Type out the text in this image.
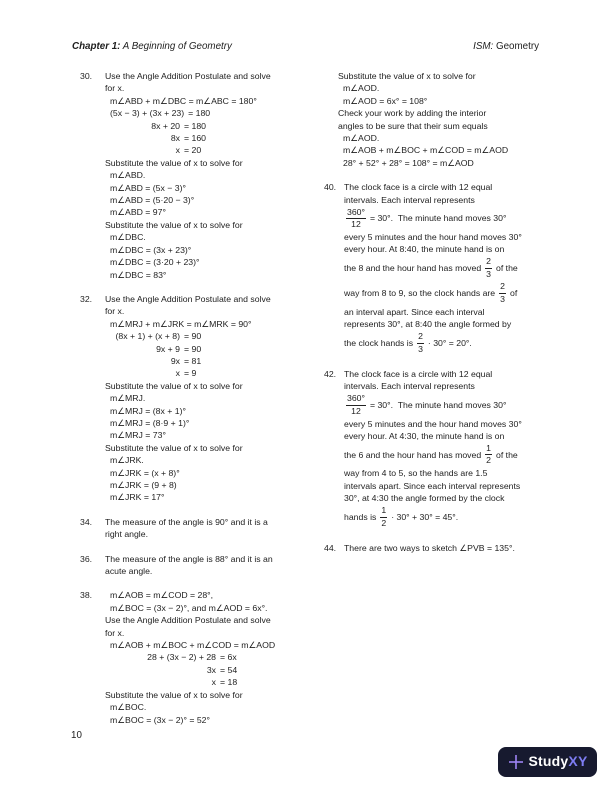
Chapter 1: A Beginning of Geometry	ISM: Geometry
30.	Use the Angle Addition Postulate and solve
for x.
m∠ABD + m∠DBC = m∠ABC = 180°
(5x − 3) + (3x + 23) = 180
8x + 20 = 180
8x = 160
x = 20
Substitute the value of x to solve for
m∠ABD.
m∠ABD = (5x − 3)°
m∠ABD = (5·20 − 3)°
m∠ABD = 97°
Substitute the value of x to solve for
m∠DBC.
m∠DBC = (3x + 23)°
m∠DBC = (3·20 + 23)°
m∠DBC = 83°
32.	Use the Angle Addition Postulate and solve
for x.
m∠MRJ + m∠JRK = m∠MRK = 90°
(8x + 1) + (x + 8) = 90
9x + 9 = 90
9x = 81
x = 9
Substitute the value of x to solve for
m∠MRJ.
m∠MRJ = (8x + 1)°
m∠MRJ = (8·9 + 1)°
m∠MRJ = 73°
Substitute the value of x to solve for
m∠JRK.
m∠JRK = (x + 8)°
m∠JRK = (9 + 8)
m∠JRK = 17°
34.	The measure of the angle is 90° and it is a
right angle.
36.	The measure of the angle is 88° and it is an
acute angle.
38.	m∠AOB = m∠COD = 28°,
m∠BOC = (3x − 2)°, and m∠AOD = 6x°.
Use the Angle Addition Postulate and solve
for x.
m∠AOB + m∠BOC + m∠COD = m∠AOD
28 + (3x − 2) + 28 = 6x
3x = 54
x = 18
Substitute the value of x to solve for
m∠BOC.
m∠BOC = (3x − 2)° = 52°
Substitute the value of x to solve for
m∠AOD.
m∠AOD = 6x° = 108°
Check your work by adding the interior
angles to be sure that their sum equals
m∠AOD.
m∠AOB + m∠BOC + m∠COD = m∠AOD
28° + 52° + 28° = 108° = m∠AOD
40. The clock face is a circle with 12 equal
intervals. Each interval represents
$\frac{360^\circ}{12} = 30^\circ$.  The minute hand moves 30°
every 5 minutes and the hour hand moves 30°
every hour. At 8:40, the minute hand is on
the 8 and the hour hand has moved $\frac{2}{3}$ of the
way from 8 to 9, so the clock hands are $\frac{2}{3}$ of
an interval apart. Since each interval
represents 30°, at 8:40 the angle formed by
the clock hands is $\frac{2}{3} \cdot 30^\circ = 20^\circ$.
42. The clock face is a circle with 12 equal
intervals. Each interval represents
$\frac{360^\circ}{12} = 30^\circ$.  The minute hand moves 30°
every 5 minutes and the hour hand moves 30°
every hour. At 4:30, the minute hand is on
the 6 and the hour hand has moved $\frac{1}{2}$ of the
way from 4 to 5, so the hands are 1.5
intervals apart. Since each interval represents
30°, at 4:30 the angle formed by the clock
hands is $\frac{1}{2} \cdot 30^\circ + 30^\circ = 45^\circ$.
44. There are two ways to sketch ∠PVB = 135°.
10
StudyXY
